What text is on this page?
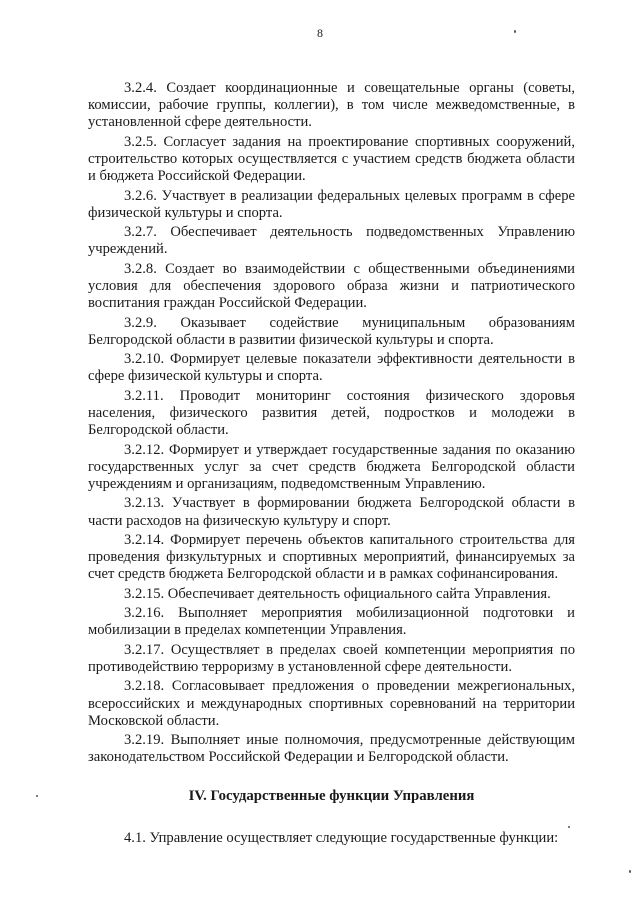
8

3.2.4. Создает координационные и совещательные органы (советы, комиссии, рабочие группы, коллегии), в том числе межведомственные, в установленной сфере деятельности.

3.2.5. Согласует задания на проектирование спортивных сооружений, строительство которых осуществляется с участием средств бюджета области и бюджета Российской Федерации.

3.2.6. Участвует в реализации федеральных целевых программ в сфере физической культуры и спорта.

3.2.7. Обеспечивает деятельность подведомственных Управлению учреждений.

3.2.8. Создает во взаимодействии с общественными объединениями условия для обеспечения здорового образа жизни и патриотического воспитания граждан Российской Федерации.

3.2.9. Оказывает содействие муниципальным образованиям Белгородской области в развитии физической культуры и спорта.

3.2.10. Формирует целевые показатели эффективности деятельности в сфере физической культуры и спорта.

3.2.11. Проводит мониторинг состояния физического здоровья населения, физического развития детей, подростков и молодежи в Белгородской области.

3.2.12. Формирует и утверждает государственные задания по оказанию государственных услуг за счет средств бюджета Белгородской области учреждениям и организациям, подведомственным Управлению.

3.2.13. Участвует в формировании бюджета Белгородской области в части расходов на физическую культуру и спорт.

3.2.14. Формирует перечень объектов капитального строительства для проведения физкультурных и спортивных мероприятий, финансируемых за счет средств бюджета Белгородской области и в рамках софинансирования.

3.2.15. Обеспечивает деятельность официального сайта Управления.

3.2.16. Выполняет мероприятия мобилизационной подготовки и мобилизации в пределах компетенции Управления.

3.2.17. Осуществляет в пределах своей компетенции мероприятия по противодействию терроризму в установленной сфере деятельности.

3.2.18. Согласовывает предложения о проведении межрегиональных, всероссийских и международных спортивных соревнований на территории Московской области.

3.2.19. Выполняет иные полномочия, предусмотренные действующим законодательством Российской Федерации и Белгородской области.

IV. Государственные функции Управления

4.1. Управление осуществляет следующие государственные функции:
